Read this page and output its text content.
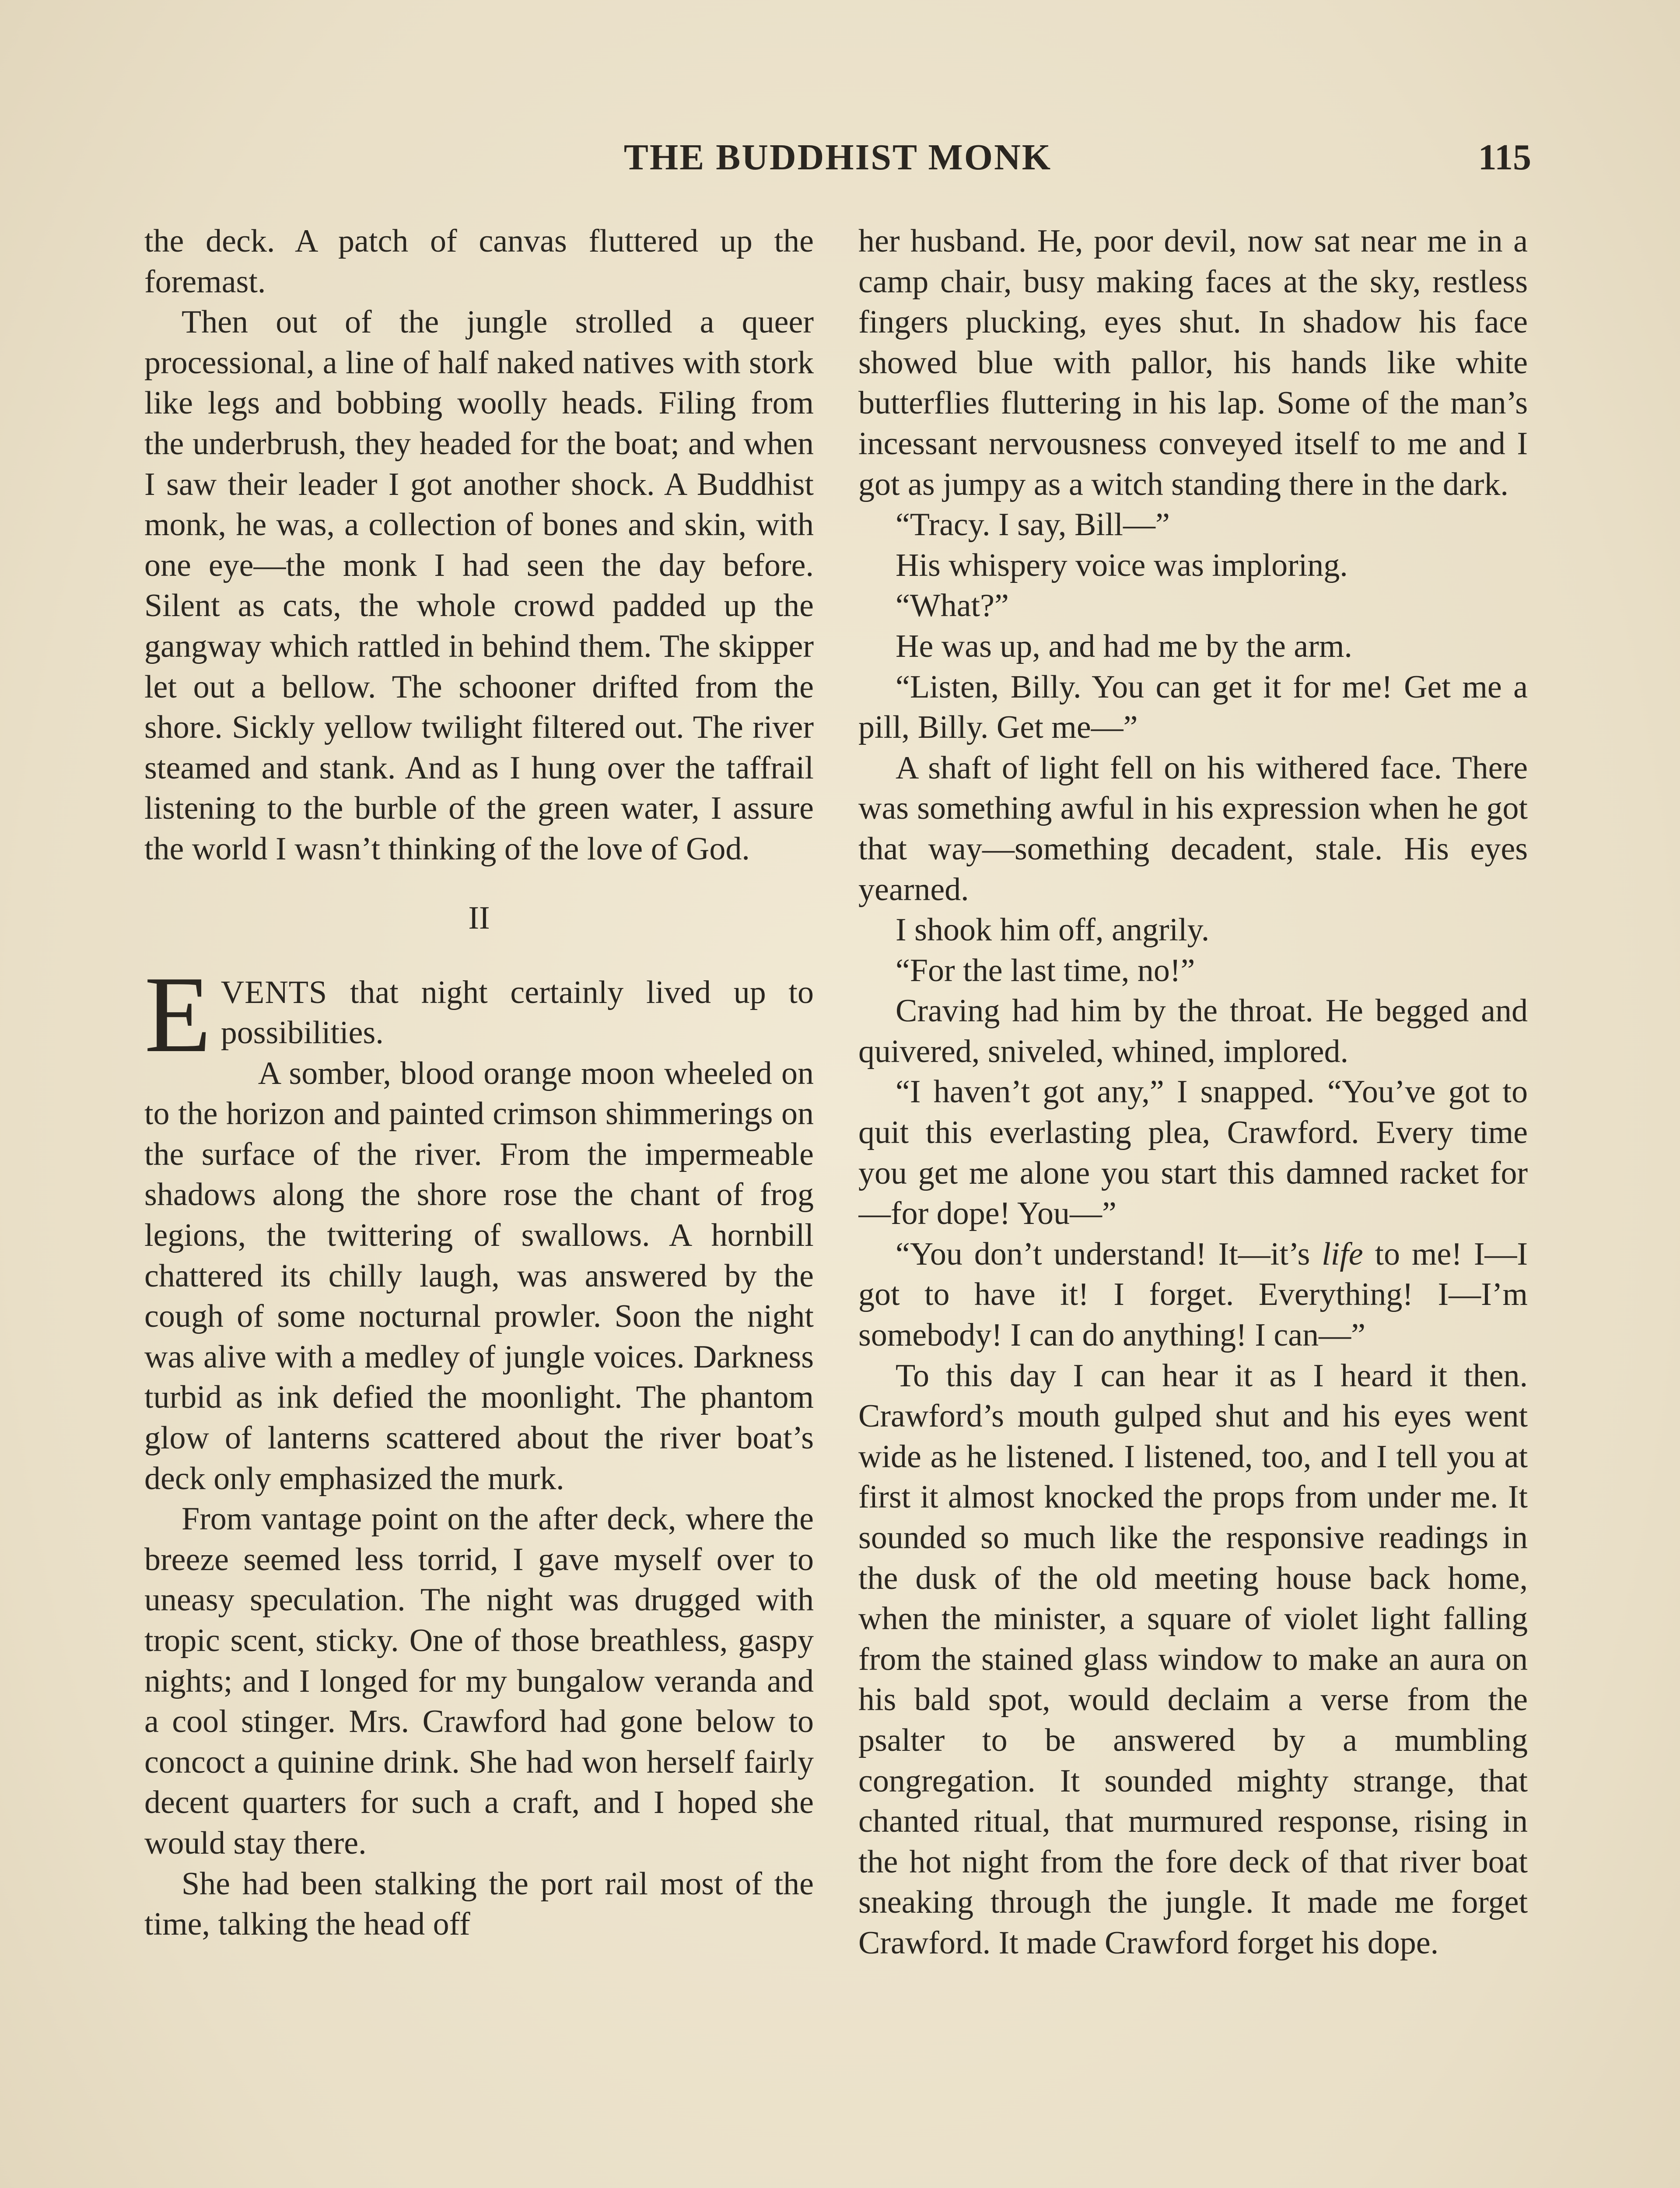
THE BUDDHIST MONK	115

the deck. A patch of canvas fluttered up the foremast.

Then out of the jungle strolled a queer processional, a line of half naked natives with stork like legs and bobbing woolly heads. Filing from the underbrush, they headed for the boat; and when I saw their leader I got another shock. A Buddhist monk, he was, a collection of bones and skin, with one eye—the monk I had seen the day before. Silent as cats, the whole crowd padded up the gangway which rattled in behind them. The skipper let out a bellow. The schooner drifted from the shore. Sickly yellow twilight filtered out. The river steamed and stank. And as I hung over the taffrail listening to the burble of the green water, I assure the world I wasn’t thinking of the love of God.

II

EVENTS that night certainly lived up to possibilities.

A somber, blood orange moon wheeled on to the horizon and painted crimson shimmerings on the surface of the river. From the impermeable shadows along the shore rose the chant of frog legions, the twittering of swallows. A hornbill chattered its chilly laugh, was answered by the cough of some nocturnal prowler. Soon the night was alive with a medley of jungle voices. Darkness turbid as ink defied the moonlight. The phantom glow of lanterns scattered about the river boat’s deck only emphasized the murk.

From vantage point on the after deck, where the breeze seemed less torrid, I gave myself over to uneasy speculation. The night was drugged with tropic scent, sticky. One of those breathless, gaspy nights; and I longed for my bungalow veranda and a cool stinger. Mrs. Crawford had gone below to concoct a quinine drink. She had won herself fairly decent quarters for such a craft, and I hoped she would stay there.

She had been stalking the port rail most of the time, talking the head off

her husband. He, poor devil, now sat near me in a camp chair, busy making faces at the sky, restless fingers plucking, eyes shut. In shadow his face showed blue with pallor, his hands like white butterflies fluttering in his lap. Some of the man’s incessant nervousness conveyed itself to me and I got as jumpy as a witch standing there in the dark.

“Tracy. I say, Bill—”

His whispery voice was imploring.

“What?”

He was up, and had me by the arm.

“Listen, Billy. You can get it for me! Get me a pill, Billy. Get me—”

A shaft of light fell on his withered face. There was something awful in his expression when he got that way—something decadent, stale. His eyes yearned.

I shook him off, angrily.

“For the last time, no!”

Craving had him by the throat. He begged and quivered, sniveled, whined, implored.

“I haven’t got any,” I snapped. “You’ve got to quit this everlasting plea, Crawford. Every time you get me alone you start this damned racket for—for dope! You—”

“You don’t understand! It—it’s life to me! I—I got to have it! I forget. Everything! I—I’m somebody! I can do anything! I can—”

To this day I can hear it as I heard it then. Crawford’s mouth gulped shut and his eyes went wide as he listened. I listened, too, and I tell you at first it almost knocked the props from under me. It sounded so much like the responsive readings in the dusk of the old meeting house back home, when the minister, a square of violet light falling from the stained glass window to make an aura on his bald spot, would declaim a verse from the psalter to be answered by a mumbling congregation. It sounded mighty strange, that chanted ritual, that murmured response, rising in the hot night from the fore deck of that river boat sneaking through the jungle. It made me forget Crawford. It made Crawford forget his dope.
